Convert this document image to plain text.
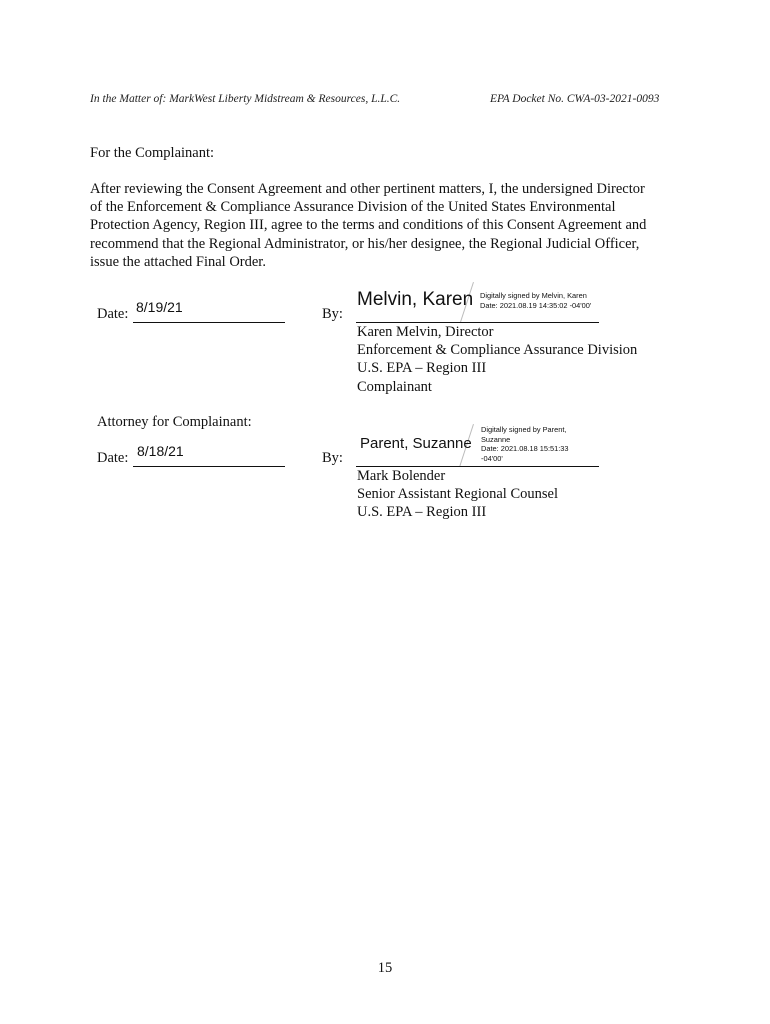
In the Matter of: MarkWest Liberty Midstream & Resources, L.L.C.	EPA Docket No. CWA-03-2021-0093
For the Complainant:
After reviewing the Consent Agreement and other pertinent matters, I, the undersigned Director
of the Enforcement & Compliance Assurance Division of the United States Environmental
Protection Agency, Region III, agree to the terms and conditions of this Consent Agreement and
recommend that the Regional Administrator, or his/her designee, the Regional Judicial Officer,
issue the attached Final Order.
Date: 8/19/21	By:
Melvin, Karen Digitally signed by Melvin, Karen
Date: 2021.08.19 14:35:02 -04'00'
Karen Melvin, Director
Enforcement & Compliance Assurance Division
U.S. EPA – Region III
Complainant
Attorney for Complainant:
Date: 8/18/21	By:
Parent, Suzanne
Digitally signed by Parent,
Suzanne
Date: 2021.08.18 15:51:33
-04'00'
Mark Bolender
Senior Assistant Regional Counsel
U.S. EPA – Region III
15
